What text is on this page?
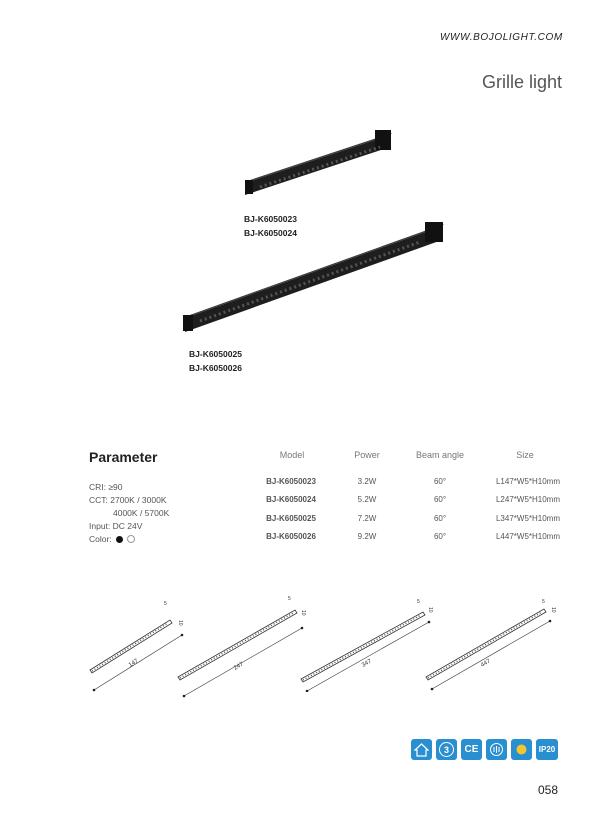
WWW.BOJOLIGHT.COM
Grille light
BJ-K6050023
BJ-K6050024
BJ-K6050025
BJ-K6050026
Parameter
CRI: ≥90
CCT: 2700K / 3000K
4000K / 5700K
Input: DC 24V
Color:
Model	Power	Beam angle	Size
BJ-K6050023	3.2W	60°	L147*W5*H10mm
BJ-K6050024	5.2W	60°	L247*W5*H10mm
BJ-K6050025	7.2W	60°	L347*W5*H10mm
BJ-K6050026	9.2W	60°	L447*W5*H10mm
147
5
10
247
5
10
347
5
10
447
5
10
3	CE	IP20
058
